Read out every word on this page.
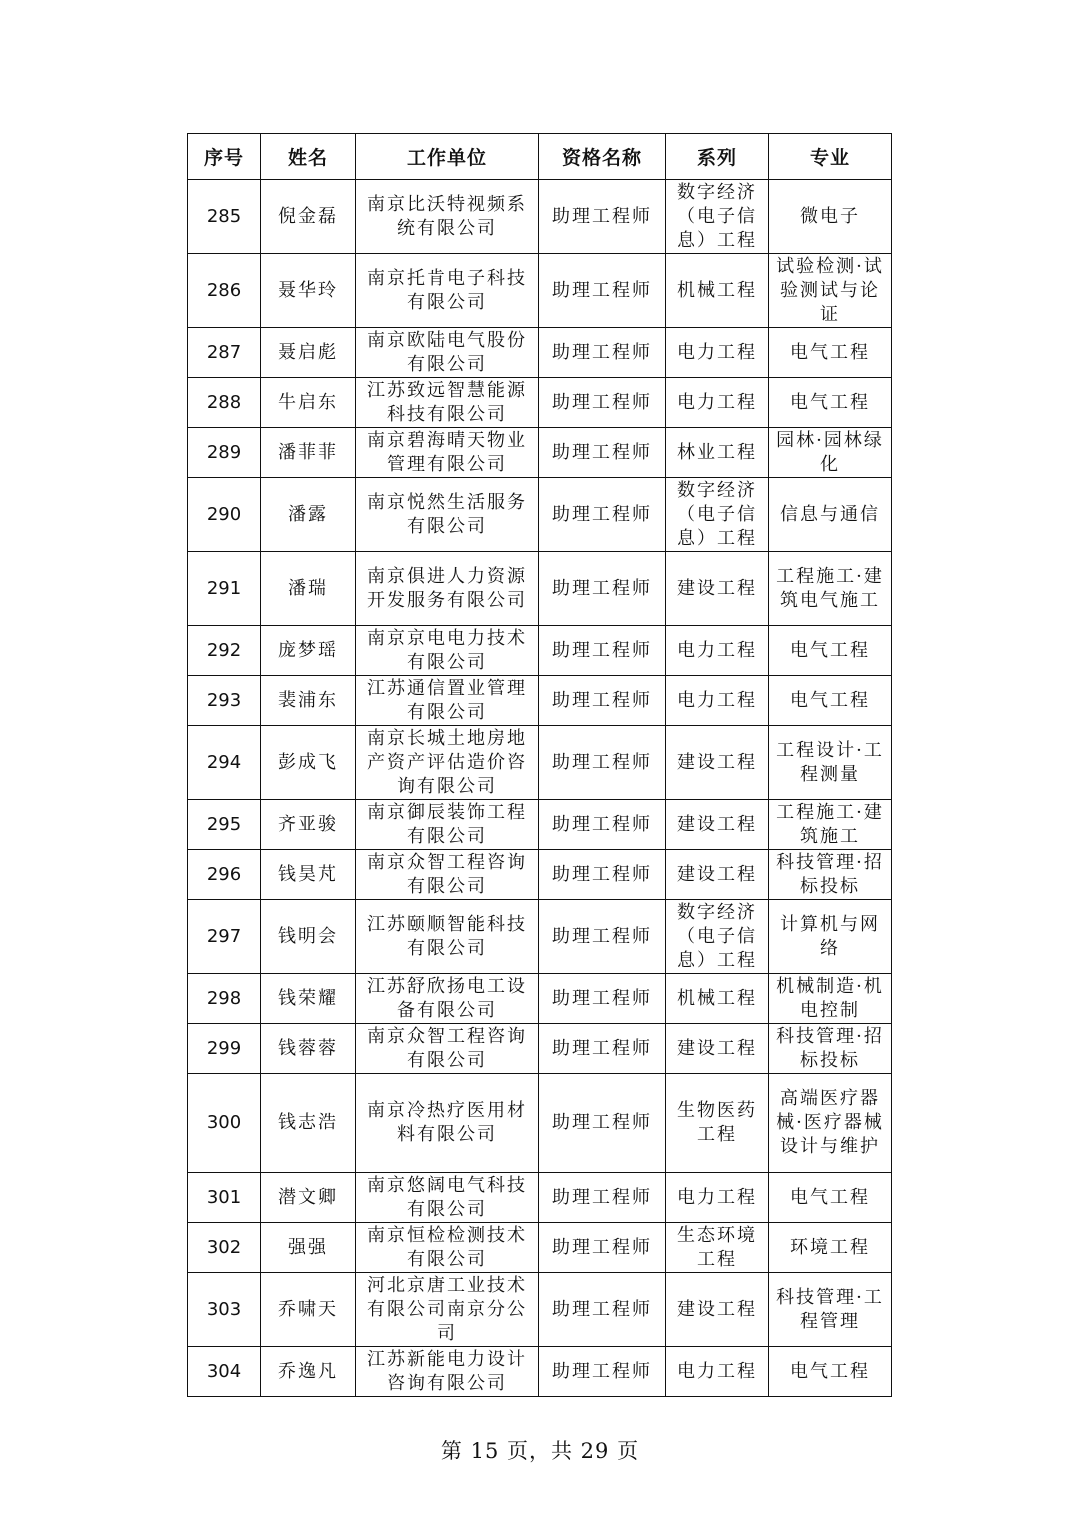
序号	姓名	工作单位	资格名称	系列	专业
285	倪金磊	南京比沃特视频系统有限公司	助理工程师	数字经济（电子信息）工程	微电子
286	聂华玲	南京托肯电子科技有限公司	助理工程师	机械工程	试验检测·试验测试与论证
287	聂启彪	南京欧陆电气股份有限公司	助理工程师	电力工程	电气工程
288	牛启东	江苏致远智慧能源科技有限公司	助理工程师	电力工程	电气工程
289	潘菲菲	南京碧海晴天物业管理有限公司	助理工程师	林业工程	园林·园林绿化
290	潘露	南京悦然生活服务有限公司	助理工程师	数字经济（电子信息）工程	信息与通信
291	潘瑞	南京俱进人力资源开发服务有限公司	助理工程师	建设工程	工程施工·建筑电气施工
292	庞梦瑶	南京京电电力技术有限公司	助理工程师	电力工程	电气工程
293	裴浦东	江苏通信置业管理有限公司	助理工程师	电力工程	电气工程
294	彭成飞	南京长城土地房地产资产评估造价咨询有限公司	助理工程师	建设工程	工程设计·工程测量
295	齐亚骏	南京御辰装饰工程有限公司	助理工程师	建设工程	工程施工·建筑施工
296	钱昊芃	南京众智工程咨询有限公司	助理工程师	建设工程	科技管理·招标投标
297	钱明会	江苏颐顺智能科技有限公司	助理工程师	数字经济（电子信息）工程	计算机与网络
298	钱荣耀	江苏舒欣扬电工设备有限公司	助理工程师	机械工程	机械制造·机电控制
299	钱蓉蓉	南京众智工程咨询有限公司	助理工程师	建设工程	科技管理·招标投标
300	钱志浩	南京冷热疗医用材料有限公司	助理工程师	生物医药工程	高端医疗器械·医疗器械设计与维护
301	潜文卿	南京悠阔电气科技有限公司	助理工程师	电力工程	电气工程
302	强强	南京恒检检测技术有限公司	助理工程师	生态环境工程	环境工程
303	乔啸天	河北京唐工业技术有限公司南京分公司	助理工程师	建设工程	科技管理·工程管理
304	乔逸凡	江苏新能电力设计咨询有限公司	助理工程师	电力工程	电气工程
第 15 页，共 29 页
